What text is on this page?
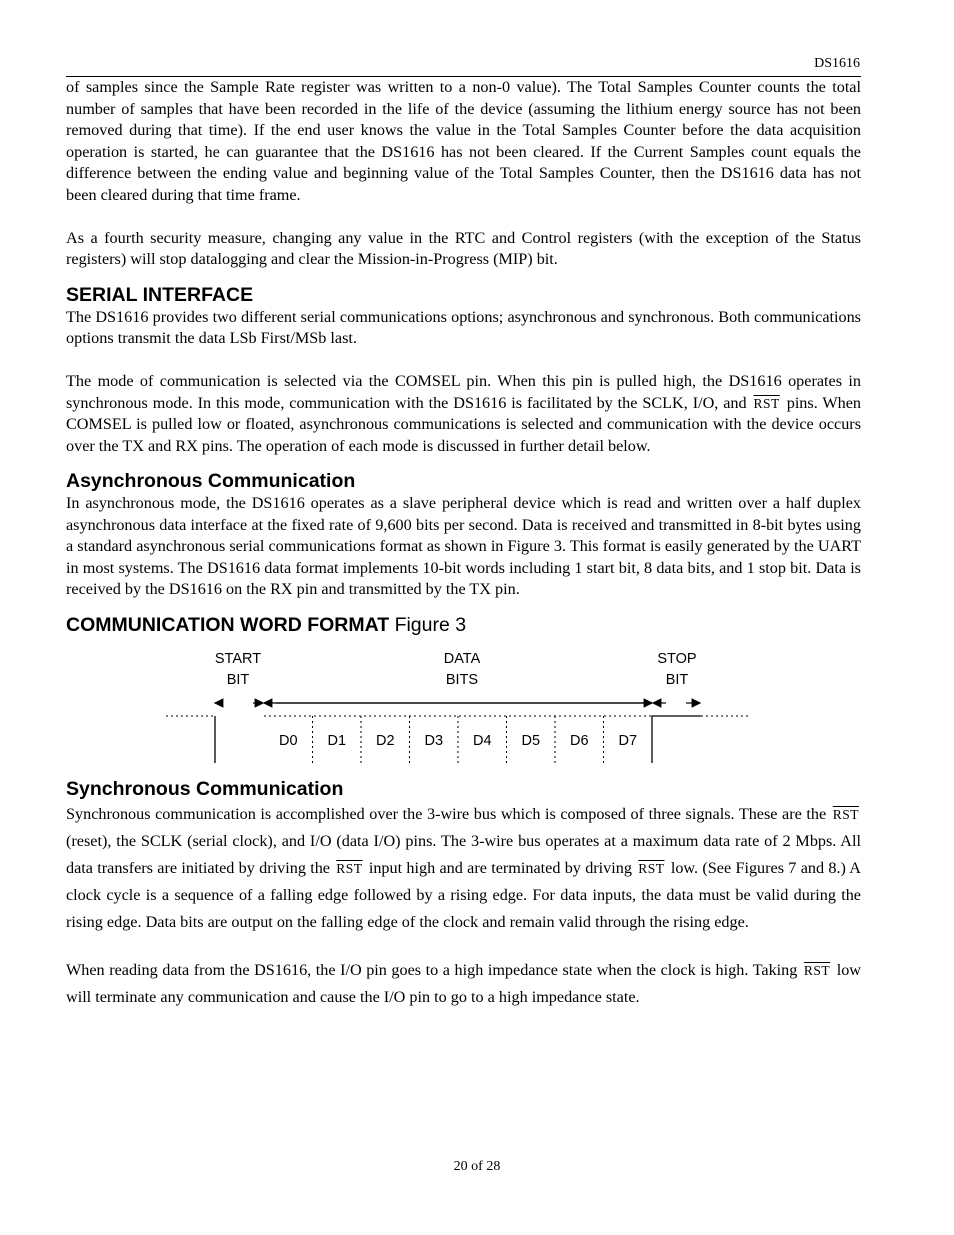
DS1616

of samples since the Sample Rate register was written to a non-0 value). The Total Samples Counter counts the total number of samples that have been recorded in the life of the device (assuming the lithium energy source has not been removed during that time). If the end user knows the value in the Total Samples Counter before the data acquisition operation is started, he can guarantee that the DS1616 has not been cleared. If the Current Samples count equals the difference between the ending value and beginning value of the Total Samples Counter, then the DS1616 data has not been cleared during that time frame.

As a fourth security measure, changing any value in the RTC and Control registers (with the exception of the Status registers) will stop datalogging and clear the Mission-in-Progress (MIP) bit.

SERIAL INTERFACE

The DS1616 provides two different serial communications options; asynchronous and synchronous. Both communications options transmit the data LSb First/MSb last.

The mode of communication is selected via the COMSEL pin. When this pin is pulled high, the DS1616 operates in synchronous mode. In this mode, communication with the DS1616 is facilitated by the SCLK, I/O, and $\overline{RST}$ pins. When COMSEL is pulled low or floated, asynchronous communications is selected and communication with the device occurs over the TX and RX pins. The operation of each mode is discussed in further detail below.

Asynchronous Communication

In asynchronous mode, the DS1616 operates as a slave peripheral device which is read and written over a half duplex asynchronous data interface at the fixed rate of 9,600 bits per second. Data is received and transmitted in 8-bit bytes using a standard asynchronous serial communications format as shown in Figure 3. This format is easily generated by the UART in most systems. The DS1616 data format implements 10-bit words including 1 start bit, 8 data bits, and 1 stop bit. Data is received by the DS1616 on the RX pin and transmitted by the TX pin.

COMMUNICATION WORD FORMAT Figure 3
START
BIT
DATA
BITS
STOP
BIT
D0 D1 D2 D3 D4 D5 D6 D7
Synchronous Communication

Synchronous communication is accomplished over the 3-wire bus which is composed of three signals. These are the $\overline{RST}$ (reset), the SCLK (serial clock), and I/O (data I/O) pins. The 3-wire bus operates at a maximum data rate of 2 Mbps. All data transfers are initiated by driving the $\overline{RST}$ input high and are terminated by driving $\overline{RST}$ low. (See Figures 7 and 8.) A clock cycle is a sequence of a falling edge followed by a rising edge. For data inputs, the data must be valid during the rising edge. Data bits are output on the falling edge of the clock and remain valid through the rising edge.

When reading data from the DS1616, the I/O pin goes to a high impedance state when the clock is high. Taking $\overline{RST}$ low will terminate any communication and cause the I/O pin to go to a high impedance state.

20 of 28
